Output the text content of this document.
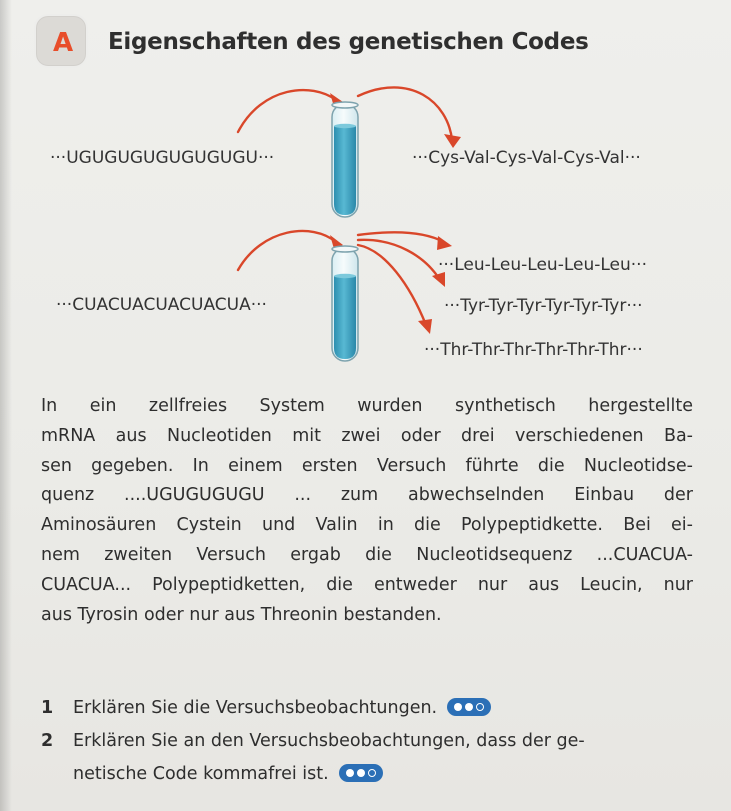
A	Eigenschaften des genetischen Codes
···UGUGUGUGUGUGUGU···	···Cys-Val-Cys-Val-Cys-Val···
···CUACUACUACUACUA···
···Leu-Leu-Leu-Leu-Leu···
···Tyr-Tyr-Tyr-Tyr-Tyr-Tyr···
···Thr-Thr-Thr-Thr-Thr-Thr···
In ein zellfreies System wurden synthetisch hergestellte
mRNA aus Nucleotiden mit zwei oder drei verschiedenen Ba-
sen gegeben. In einem ersten Versuch führte die Nucleotidse-
quenz ....UGUGUGUGU ... zum abwechselnden Einbau der
Aminosäuren Cystein und Valin in die Polypeptidkette. Bei ei-
nem zweiten Versuch ergab die Nucleotidsequenz ...CUACUA-
CUACUA... Polypeptidketten, die entweder nur aus Leucin, nur
aus Tyrosin oder nur aus Threonin bestanden.
1 Erklären Sie die Versuchsbeobachtungen.
2 Erklären Sie an den Versuchsbeobachtungen, dass der ge-
netische Code kommafrei ist.
